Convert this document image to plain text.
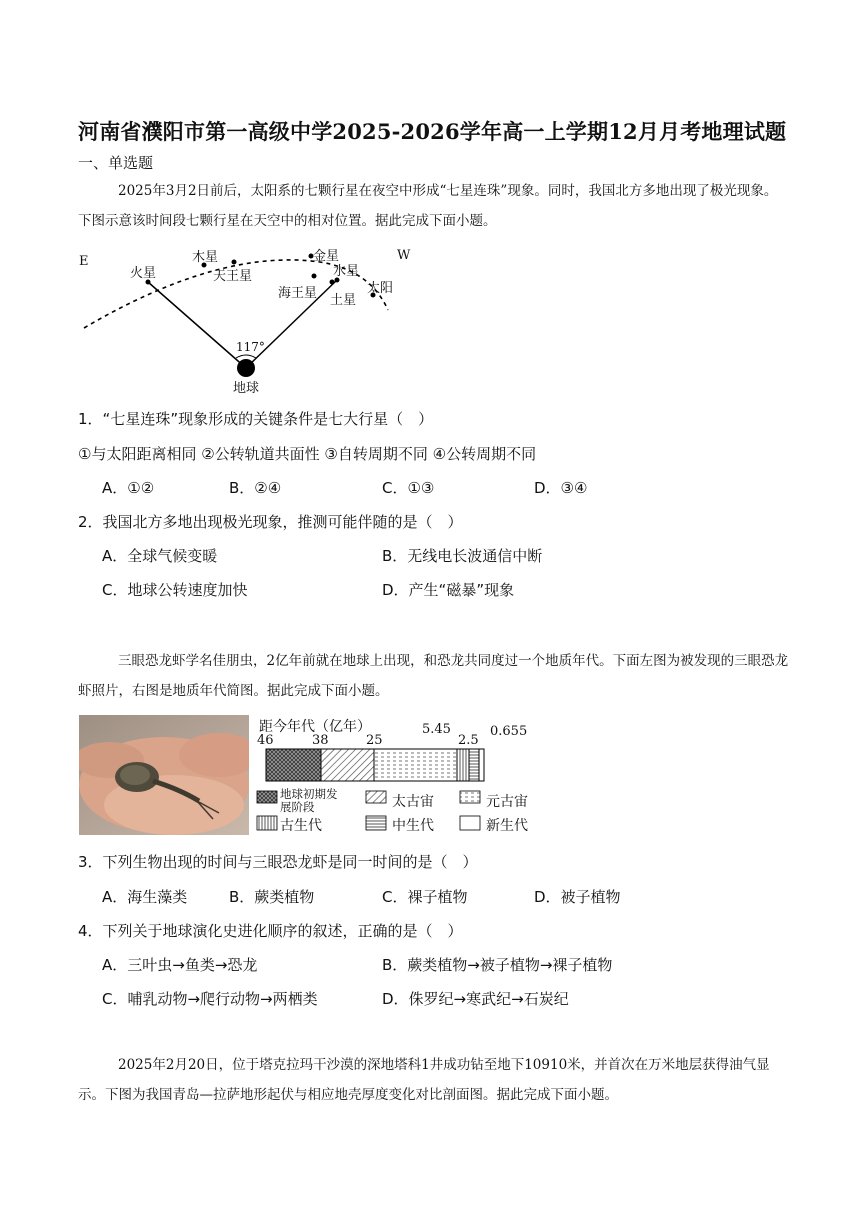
河南省濮阳市第一高级中学2025-2026学年高一上学期12月月考地理试题
一、单选题
2025年3月2日前后，太阳系的七颗行星在夜空中形成“七星连珠”现象。同时，我国北方多地出现了极光现象。下图示意该时间段七颗行星在天空中的相对位置。据此完成下面小题。
E	W
火星
木星
天王星
金星
水星
海王星 土星
太阳
117°
地球
1．“七星连珠”现象形成的关键条件是七大行星（　）
①与太阳距离相同 ②公转轨道共面性 ③自转周期不同 ④公转周期不同
A．①②	B．②④	C．①③	D．③④
2．我国北方多地出现极光现象，推测可能伴随的是（　）
A．全球气候变暖	B．无线电长波通信中断
C．地球公转速度加快	D．产生“磁暴”现象
三眼恐龙虾学名佳朋虫，2亿年前就在地球上出现，和恐龙共同度过一个地质年代。下面左图为被发现的三眼恐龙虾照片，右图是地质年代简图。据此完成下面小题。
距今年代（亿年）
46	38	25
5.45
2.5
0.655
地球初期发展阶段	太古宙	元古宙
古生代	中生代	新生代
3．下列生物出现的时间与三眼恐龙虾是同一时间的是（　）
A．海生藻类	B．蕨类植物	C．裸子植物	D．被子植物
4．下列关于地球演化史进化顺序的叙述，正确的是（　）
A．三叶虫→鱼类→恐龙	B．蕨类植物→被子植物→裸子植物
C．哺乳动物→爬行动物→两栖类	D．侏罗纪→寒武纪→石炭纪
2025年2月20日，位于塔克拉玛干沙漠的深地塔科1井成功钻至地下10910米，并首次在万米地层获得油气显示。下图为我国青岛—拉萨地形起伏与相应地壳厚度变化对比剖面图。据此完成下面小题。
